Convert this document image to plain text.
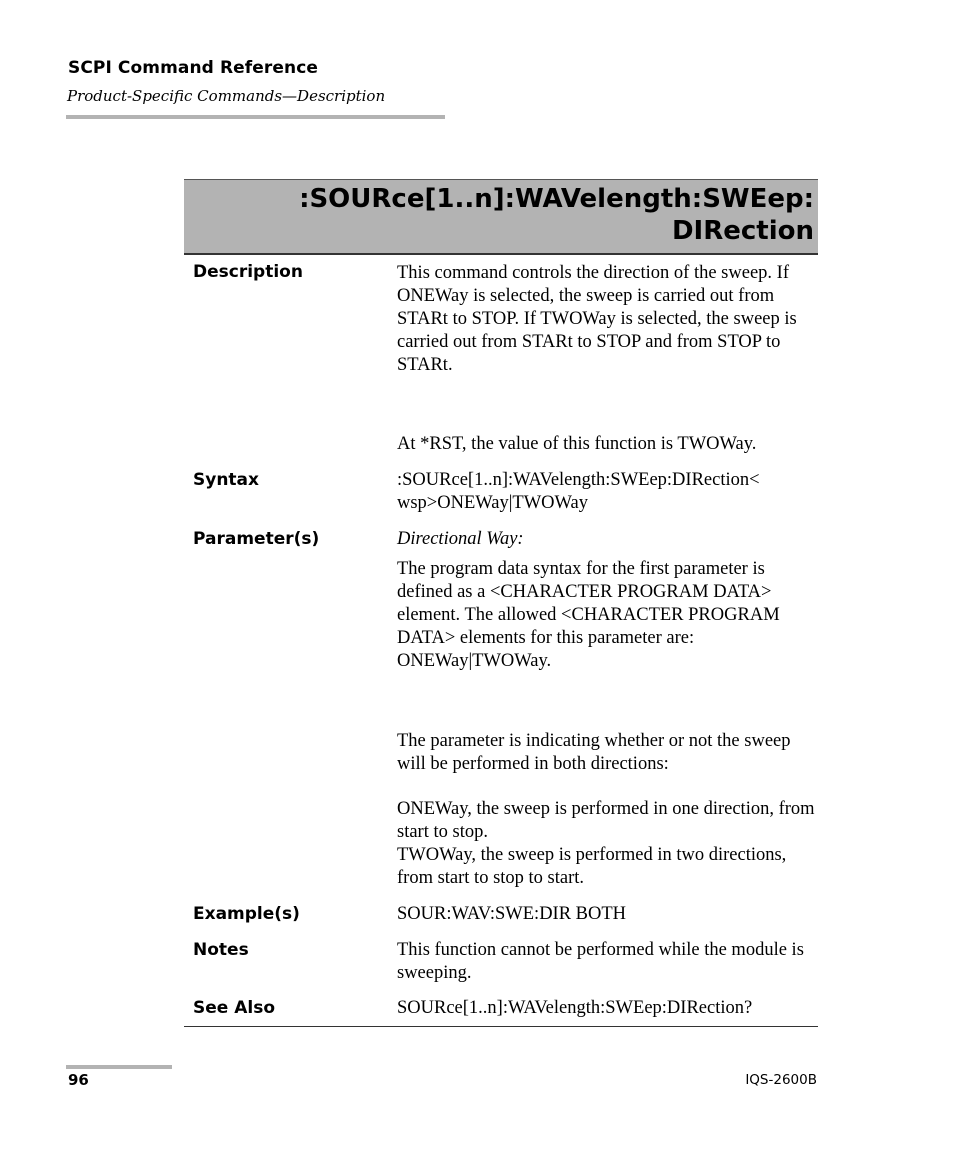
SCPI Command Reference
Product-Specific Commands—Description
:SOURce[1..n]:WAVelength:SWEep:
DIRection
Description	This command controls the direction of the sweep. If ONEWay is selected, the sweep is carried out from STARt to STOP. If TWOWay is selected, the sweep is carried out from STARt to STOP and from STOP to STARt.
At *RST, the value of this function is TWOWay.
Syntax	:SOURce[1..n]:WAVelength:SWEep:DIRection<
wsp>ONEWay|TWOWay
Parameter(s)	Directional Way:
The program data syntax for the first parameter is defined as a <CHARACTER PROGRAM DATA> element. The allowed <CHARACTER PROGRAM DATA> elements for this parameter are: ONEWay|TWOWay.
The parameter is indicating whether or not the sweep will be performed in both directions:
ONEWay, the sweep is performed in one direction, from start to stop.
TWOWay, the sweep is performed in two directions, from start to stop to start.
Example(s)	SOUR:WAV:SWE:DIR BOTH
Notes	This function cannot be performed while the module is sweeping.
See Also	SOURce[1..n]:WAVelength:SWEep:DIRection?
96	IQS-2600B
